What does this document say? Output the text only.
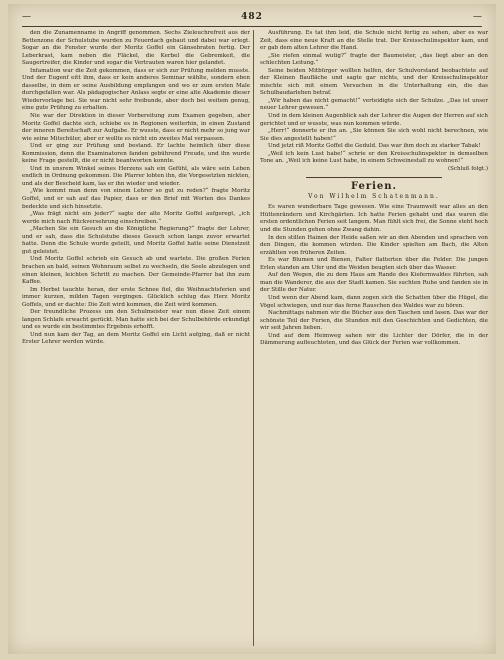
—	482	—

den die Zunamenname in Angriff genommen. Sechs Zieleuchrefreit aus der Bettenzone der Schulstube wurden zu Feuerdach gebaut und dabei war erlegt. Sogar an die Fenster wurde der Moritz Goffel ein Gänsebraten fertig. Der Leberkrast, kam neben die Fläckel, die Kerbel die Gebremkeit, die Saugertreifer, die Kinder und sogar die Vertrauten waren hier gelandet.

Infamation war die Zeit gekommen, dass er sich zur Prüfung melden musste. Und der Eugenf eitt ihm, dass er kein anderes Seminar wählte, sondern eben dasselbe, in dem er seine Ausbildung empfangen und wo er zum ersten Male durchgefallen war. Als pädagogischer Anlass segte er eine alte Akademie dieser Wiedervorlage bei. Sie war nicht sehr freibunde, aber doch bei weitem genug, eine gute Prüfung zu erhalten.

Nie war der Direktion in dieser Vorbereitung zum Examen gegeben, aber Moritz Goffel dachte sich, schiebe es in Regionen weiterhin, in einen Zustand der inneren Bereitschaft zur Aufgabe. Er wusste, dass er nicht mehr so jung war wie seine Mitschüler, aber er wollte es nicht ein zweites Mal verpassen.

Und er ging zur Prüfung und bestand. Er lachte heimlich über diese Kommission, denn die Examinatoren fanden gebührend Freude, und ihn wurde keine Frage gestellt, die er nicht beantworten konnte.

Und in unsrem Winkel seines Herzens sah ein Gefühl, als wäre sein Leben endlich in Ordnung gekommen. Die Pfarrer lobten ihn, die Vorgesetzten nickten, und als der Bescheid kam, las er ihn wieder und wieder.

„Wie kommt man denn von einem Lehrer so gut zu reden?“ fragte Moritz Goffel, und er sah auf das Papier, dass er den Brief mit Worten des Dankes bedeckte und sich hinsetzte.

„Was frägt nicht ein jeder?“ sagte der alte Moritz Goffel aufgeregt, „ich werde mich nach Rückversehrung einschreiben.“

„Machen Sie ein Gesuch an die Königliche Regierung?“ fragte der Lehrer, und er sah, dass die Schulstube dieses Gesuch schon lange zuvor erwartet hatte. Denn die Schule wurde geteilt, und Moritz Goffel hatte seine Dienstzeit gut geleistet.

Und Moritz Goffel schrieb ein Gesuch ab und wartete. Die großen Ferien brachen an bald, seinen Wohnraum selbst zu wechseln, die Seele abzulegen und einen kleinen, leichten Schritt zu machen. Der Gemeinde-Pfarrer bat ihn zum Kaffee.

Im Herbst tauchte heran, der erste Schnee fiel, die Weihnachtsferien und immer kurzen, milden Tagen vergingen. Glücklich schlug das Herz Moritz Goffels, und er dachte: Die Zeit wird kommen, die Zeit wird kommen.

Der freundliche Prozess um den Schulmeister war nun diese Zeit einem langen Schlafe erwacht gerückt. Man hatte sich bei der Schulbehörde erkundigt und es wurde ein bestimmtes Ergebnis erhofft.

Und nun kam der Tag, an dem Moritz Goffel ein Licht aufging, daß er nicht Erster Lehrer werden würde.

Ausführung. Es tat ihm leid, die Schule nicht fertig zu sehen, aber es war Zeit, dass eine neue Kraft an die Stelle trat. Der Kreisschulinspektor kam, und er gab dem alten Lehrer die Hand.

„Sie riefen einmal wutig?“ fragte der Baumeister, „das liegt aber an den schlechten Leitung.“

Seine beiden Mitbürger wollten helfen, der Schulvorstand beobachtete auf der Kleinen Baufläche und sagte gar nichts, und der Kreisschulinspektor mischte sich mit einem Versuchen in die Unterhaltung ein, die das Schulbaudarlehen betraf.

„Wir haben das nicht gemacht!“ verteidigte sich der Schulze. „Das ist unser neuer Lehrer gewesen.“

Und in dem kleinen Augenblick sah der Lehrer die Augen der Herren auf sich gerichtet und er wusste, was nun kommen würde.

„Herr!“ donnerte er ihn an. „Sie können Sie sich wohl nicht berechnen, wie Sie dies angestellt haben!“

Und jetzt riß Moritz Goffel die Geduld. Das war ihm doch zu starker Tabak!

„Weil ich kein Lust habe!“ schrie er den Kreisschulinspektor in demselben Tone an. „Weil ich keine Lust habe, in einem Schweinestall zu wohnen!“

(Schluß folgt.)

Ferien.
Von Wilhelm Schatenmann.

Es waren wunderbare Tage gewesen. Wie eine Traumwelt war alles an den Hüttenrändern und Kirchgärten. Ich hatte Ferien gehabt und das waren die ersten ordentlichen Ferien seit langem. Man fühlt sich frei, die Sonne steht hoch und die Stunden gehen ohne Zwang dahin.

In den stillen Hainen der Heide saßen wir an den Abenden und sprachen von den Dingen, die kommen würden. Die Kinder spielten am Bach, die Alten erzählten von früheren Zeiten.

Es war Blumen und Bienen, Falter flatterten über die Felder. Die jungen Erlen standen am Ufer und die Weiden beugten sich über das Wasser.

Auf den Wegen, die zu dem Haus am Rande des Kiefernwaldes führten, sah man die Wanderer, die aus der Stadt kamen. Sie suchten Ruhe und fanden sie in der Stille der Natur.

Und wenn der Abend kam, dann zogen sich die Schatten über die Hügel, die Vögel schwiegen, und nur das ferne Rauschen des Waldes war zu hören.

Nachmittags nahmen wir die Bücher aus den Taschen und lasen. Das war der schönste Teil der Ferien, die Stunden mit den Geschichten und Gedichten, die wir seit Jahren lieben.

Und auf dem Heimweg sahen wir die Lichter der Dörfer, die in der Dämmerung aufleuchteten, und das Glück der Ferien war vollkommen.
